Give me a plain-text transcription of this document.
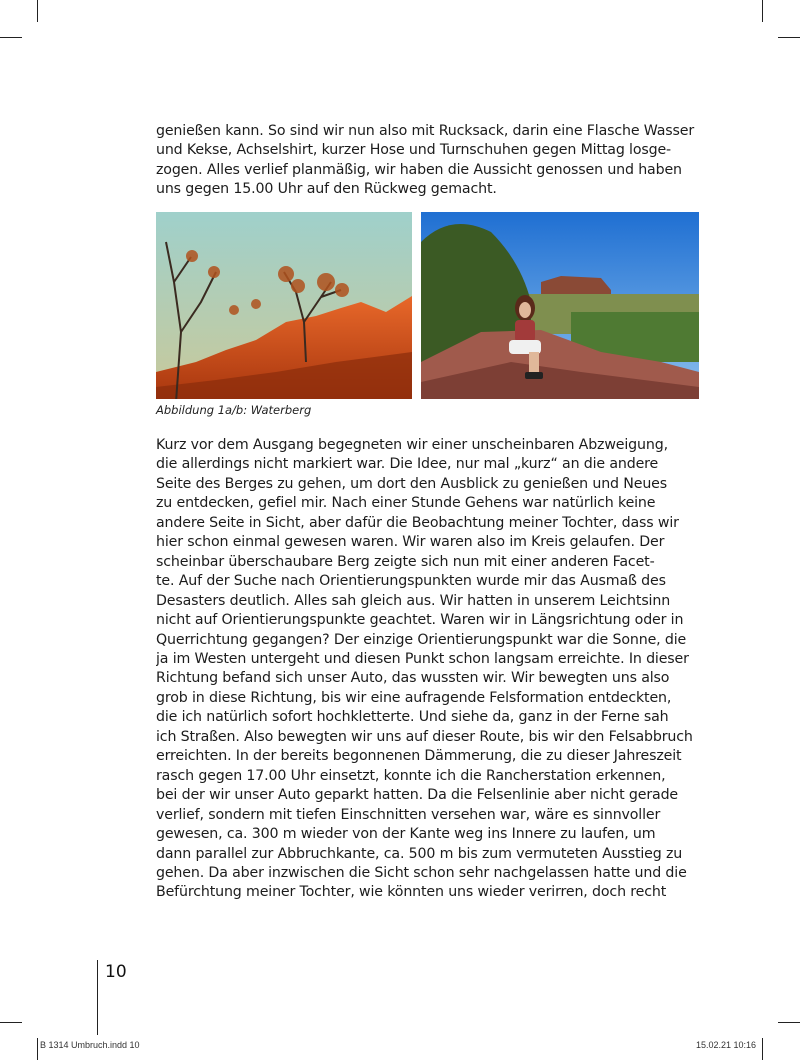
genießen kann. So sind wir nun also mit Rucksack, darin eine Flasche Wasser
und Kekse, Achselshirt, kurzer Hose und Turnschuhen gegen Mittag losge-
zogen. Alles verlief planmäßig, wir haben die Aussicht genossen und haben
uns gegen 15.00 Uhr auf den Rückweg gemacht.

Abbildung 1a/b: Waterberg

Kurz vor dem Ausgang begegneten wir einer unscheinbaren Abzweigung,
die allerdings nicht markiert war. Die Idee, nur mal „kurz“ an die andere
Seite des Berges zu gehen, um dort den Ausblick zu genießen und Neues
zu entdecken, gefiel mir. Nach einer Stunde Gehens war natürlich keine
andere Seite in Sicht, aber dafür die Beobachtung meiner Tochter, dass wir
hier schon einmal gewesen waren. Wir waren also im Kreis gelaufen. Der
scheinbar überschaubare Berg zeigte sich nun mit einer anderen Facet-
te. Auf der Suche nach Orientierungspunkten wurde mir das Ausmaß des
Desasters deutlich. Alles sah gleich aus. Wir hatten in unserem Leichtsinn
nicht auf Orientierungspunkte geachtet. Waren wir in Längsrichtung oder in
Querrichtung gegangen? Der einzige Orientierungspunkt war die Sonne, die
ja im Westen untergeht und diesen Punkt schon langsam erreichte. In dieser
Richtung befand sich unser Auto, das wussten wir. Wir bewegten uns also
grob in diese Richtung, bis wir eine aufragende Felsformation entdeckten,
die ich natürlich sofort hochkletterte. Und siehe da, ganz in der Ferne sah
ich Straßen. Also bewegten wir uns auf dieser Route, bis wir den Felsabbruch
erreichten. In der bereits begonnenen Dämmerung, die zu dieser Jahreszeit
rasch gegen 17.00 Uhr einsetzt, konnte ich die Rancherstation erkennen,
bei der wir unser Auto geparkt hatten. Da die Felsenlinie aber nicht gerade
verlief, sondern mit tiefen Einschnitten versehen war, wäre es sinnvoller
gewesen, ca. 300 m wieder von der Kante weg ins Innere zu laufen, um
dann parallel zur Abbruchkante, ca. 500 m bis zum vermuteten Ausstieg zu
gehen. Da aber inzwischen die Sicht schon sehr nachgelassen hatte und die
Befürchtung meiner Tochter, wie könnten uns wieder verirren, doch recht

10
B 1314 Umbruch.indd 10	15.02.21 10:16
